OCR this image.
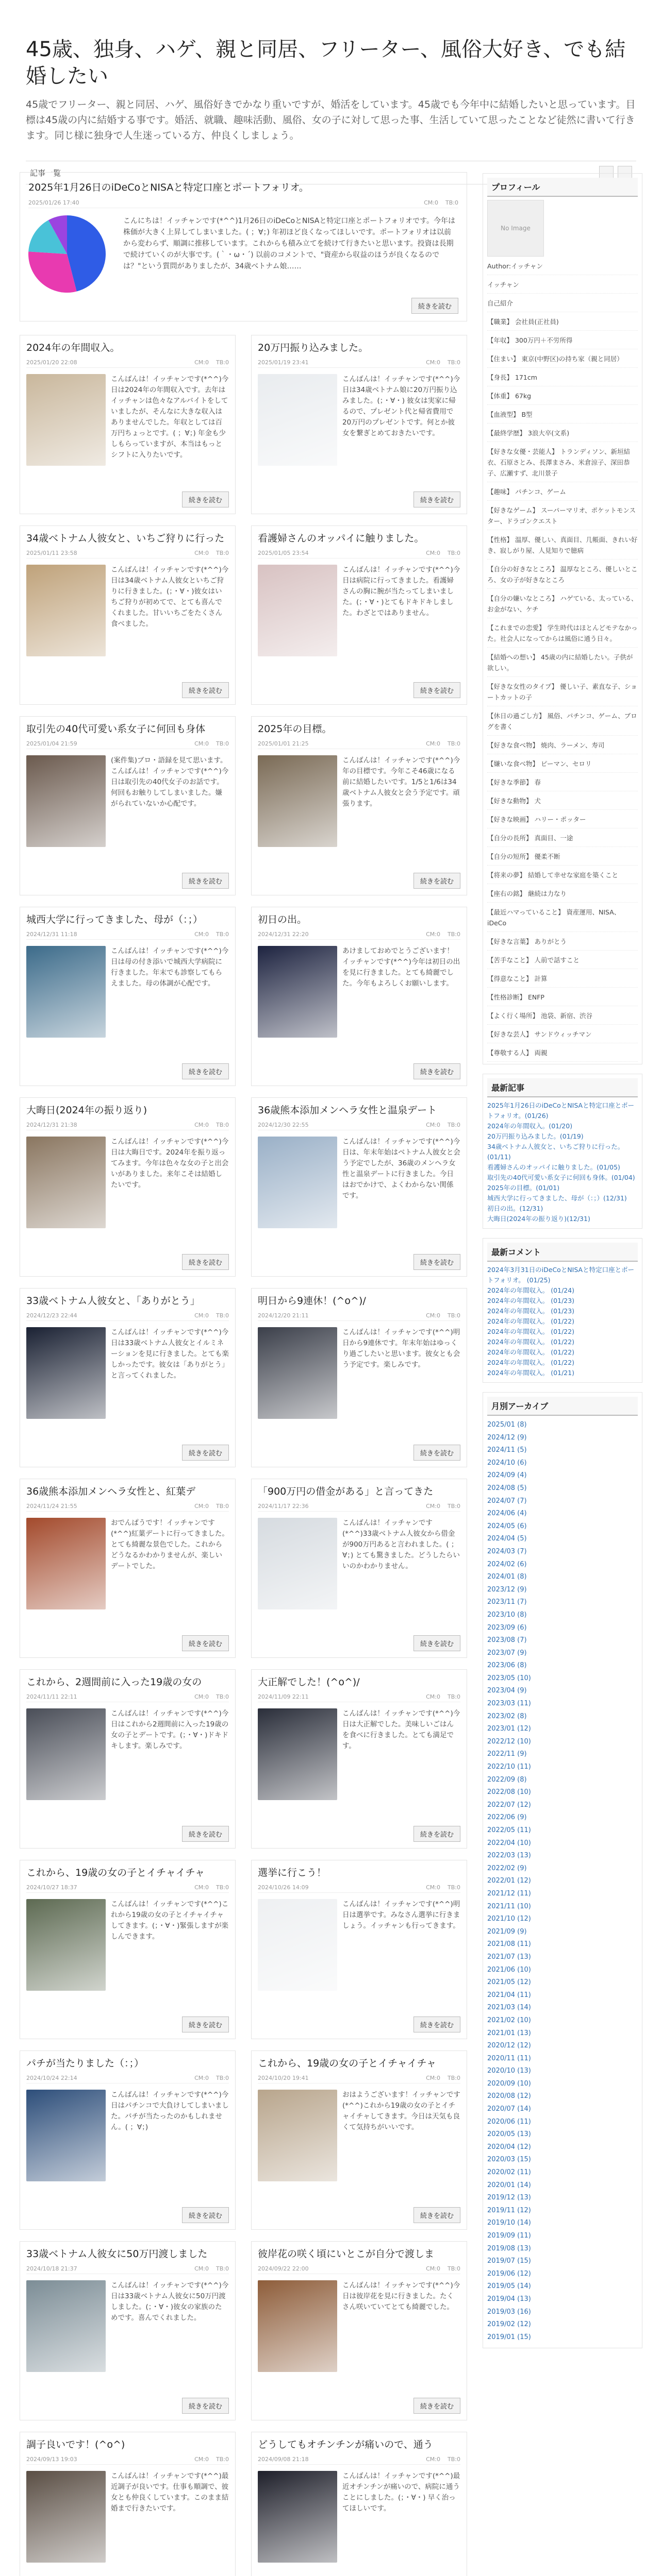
45歳、独身、ハゲ、親と同居、フリーター、風俗大好き、でも結婚したい

45歳でフリーター、親と同居、ハゲ、風俗好きでかなり重いですが、婚活をしています。45歳でも今年中に結婚したいと思っています。目標は45歳の内に結婚する事です。婚活、就職、趣味活動、風俗、女の子に対して思った事、生活していて思ったことなど徒然に書いて行きます。同じ様に独身で人生迷っている方、仲良くしましょう。

記事一覧
2025年1月26日のiDeCoとNISAと特定口座とポートフォリオ。
2025/01/26 17:40	CM:0 TB:0
こんにちは！イッチャンです(*^^)1月26日のiDeCoとNISAと特定口座とポートフォリオです。今年は株価が大きく上昇してしまいました。( ；∀；) 年初ほど良くなってほしいです。ポートフォリオは以前から変わらず、順調に推移しています。これからも積み立てを続けて行きたいと思います。投資は長期で続けていくのが大事です。(｀・ω・´) 以前のコメントで、"資産から収益のほうが良くなるのでは？"という質問がありましたが、34歳ベトナム娘……
続きを読む
2024年の年間収入。
2025/01/20 22:08	CM:0 TB:0
こんばんは！イッチャンです(*^^)今日は2024年の年間収入です。去年はイッチャンは色々なアルバイトをしていましたが、そんなに大きな収入はありませんでした。年収としては百万円ちょっとです。( ；∀；) 年金も少しもらっていますが、本当はもっとシフトに入りたいです。
続きを読む
20万円振り込みました。
2025/01/19 23:41	CM:0 TB:0
こんばんは！イッチャンです(*^^)今日は34歳ベトナム娘に20万円振り込みました。(；・∀・) 彼女は実家に帰るので、プレゼント代と帰省費用で20万円のプレゼントです。何とか彼女を繋ぎとめておきたいです。
続きを読む
34歳ベトナム人彼女と、いちご狩りに行った
2025/01/11 23:58	CM:0 TB:0
こんばんは！イッチャンです(*^^)今日は34歳ベトナム人彼女といちご狩りに行きました。(；・∀・)彼女はいちご狩りが初めてで、とても喜んでくれました。甘いいちごをたくさん食べました。
続きを読む
看護婦さんのオッパイに触りました。
2025/01/05 23:54	CM:0 TB:0
こんばんは！イッチャンです(*^^)今日は病院に行ってきました。看護婦さんの胸に腕が当たってしまいました。(；・∀・)とてもドキドキしました。わざとではありません。
続きを読む
取引先の40代可愛い系女子に何回も身体
2025/01/04 21:59	CM:0 TB:0
(案件集)ブロ・語録を見て思います。こんばんは！イッチャンです(*^^)今日は取引先の40代女子のお話です。何回もお触りしてしまいました。嫌がられていないか心配です。
続きを読む
2025年の目標。
2025/01/01 21:25	CM:0 TB:0
こんばんは！イッチャンです(*^^)今年の目標です。今年こそ46歳になる前に結婚したいです。1/5と1/6は34歳ベトナム人彼女と会う予定です。頑張ります。
続きを読む
城西大学に行ってきました、母が（：；）
2024/12/31 11:18	CM:0 TB:0
こんばんは！イッチャンです(*^^)今日は母の付き添いで城西大学病院に行きました。年末でも診察してもらえました。母の体調が心配です。
続きを読む
初日の出。
2024/12/31 22:20	CM:0 TB:0
あけましておめでとうございます！イッチャンです(*^^)今年は初日の出を見に行きました。とても綺麗でした。今年もよろしくお願いします。
続きを読む
大晦日(2024年の振り返り)
2024/12/31 21:38	CM:0 TB:0
こんばんは！イッチャンです(*^^)今日は大晦日です。2024年を振り返ってみます。今年は色々な女の子と出会いがありました。来年こそは結婚したいです。
続きを読む
36歳熊本添加メンヘラ女性と温泉デート
2024/12/30 22:55	CM:0 TB:0
こんばんは！イッチャンです(*^^)今日は、年末年始はベトナム人彼女と会う予定でしたが、36歳のメンヘラ女性と温泉デートに行きました。今日はおでかけで、よくわからない関係です。
続きを読む
33歳ベトナム人彼女と、「ありがとう」
2024/12/23 22:44	CM:0 TB:0
こんばんは！イッチャンです(*^^)今日は33歳ベトナム人彼女とイルミネーションを見に行きました。とても楽しかったです。彼女は「ありがとう」と言ってくれました。
続きを読む
明日から9連休！(^o^)/
2024/12/20 21:11	CM:0 TB:0
こんばんは！イッチャンです(*^^)明日から9連休です。年末年始はゆっくり過ごしたいと思います。彼女とも会う予定です。楽しみです。
続きを読む
36歳熊本添加メンヘラ女性と、紅葉デ
2024/11/24 21:55	CM:0 TB:0
おでんぱうです！イッチャンです(*^^)紅葉デートに行ってきました。とても綺麗な景色でした。これからどうなるかわかりませんが、楽しいデートでした。
続きを読む
「900万円の借金がある」と言ってきた
2024/11/17 22:36	CM:0 TB:0
こんばんは！イッチャンです(*^^)33歳ベトナム人彼女から借金が900万円あると言われました。( ；∀；) とても驚きました。どうしたらいいのかわかりません。
続きを読む
これから、2週間前に入った19歳の女の
2024/11/11 22:11	CM:0 TB:0
こんばんは！イッチャンです(*^^)今日はこれから2週間前に入った19歳の女の子とデートです。(；・∀・)ドキドキします。楽しみです。
続きを読む
大正解でした！(^o^)/
2024/11/09 22:11	CM:0 TB:0
こんばんは！イッチャンです(*^^)今日は大正解でした。美味しいごはんを食べに行きました。とても満足です。
続きを読む
これから、19歳の女の子とイチャイチャ
2024/10/27 18:37	CM:0 TB:0
こんばんは！イッチャンです(*^^)これから19歳の女の子とイチャイチャしてきます。(；・∀・)緊張しますが楽しんできます。
続きを読む
選挙に行こう！
2024/10/26 14:09	CM:0 TB:0
こんばんは！イッチャンです(*^^)明日は選挙です。みなさん選挙に行きましょう。イッチャンも行ってきます。
続きを読む
パチが当たりました（：；）
2024/10/24 22:14	CM:0 TB:0
こんばんは！イッチャンです(*^^)今日はパチンコで大負けしてしまいました。バチが当たったのかもしれません。( ；∀；)
続きを読む
これから、19歳の女の子とイチャイチャ
2024/10/20 19:41	CM:0 TB:0
おはようございます！イッチャンです(*^^)これから19歳の女の子とイチャイチャしてきます。今日は天気も良くて気持ちがいいです。
続きを読む
33歳ベトナム人彼女に50万円渡しました
2024/10/18 21:37	CM:0 TB:0
こんばんは！イッチャンです(*^^)今日は33歳ベトナム人彼女に50万円渡しました。(；・∀・)彼女の家族のためです。喜んでくれました。
続きを読む
彼岸花の咲く頃にいとこが自分で渡しま
2024/09/22 22:00	CM:0 TB:0
こんばんは！イッチャンです(*^^)今日は彼岸花を見に行きました。たくさん咲いていてとても綺麗でした。
続きを読む
調子良いです！(^o^)
2024/09/13 19:03	CM:0 TB:0
こんばんは！イッチャンです(*^^)最近調子が良いです。仕事も順調で、彼女とも仲良くしています。このまま結婚まで行きたいです。
どうしてもオチンチンが痛いので、通う
2024/09/08 21:18	CM:0 TB:0
こんばんは！イッチャンです(*^^)最近オチンチンが痛いので、病院に通うことにしました。(；・∀・) 早く治ってほしいです。
プロフィール
No Image
Author:イッチャン
イッチャン
自己紹介
【職業】 会社員(正社員)
【年収】 300万円＋不労所得
【住まい】 東京(中野区)の持ち家（親と同居）
【身長】 171cm
【体重】 67kg
【血液型】 B型
【最終学歴】 3浪大卒(文系)
【好きな女優・芸能人】 トランディソン、新垣結衣、石原さとみ、長澤まさみ、米倉涼子、深田恭子、広瀬すず、北川景子
【趣味】 パチンコ、ゲーム
【好きなゲーム】 スーパーマリオ、ポケットモンスター、ドラゴンクエスト
【性格】 温厚、優しい、真面目、几帳面、きれい好き、寂しがり屋、人見知りで臆病
【自分の好きなところ】 温厚なところ、優しいところ、女の子が好きなところ
【自分の嫌いなところ】 ハゲている、太っている、お金がない、ケチ
【これまでの恋愛】 学生時代はほとんどモテなかった。社会人になってからは風俗に通う日々。
【結婚への想い】 45歳の内に結婚したい。子供が欲しい。
【好きな女性のタイプ】 優しい子、素直な子、ショートカットの子
【休日の過ごし方】 風俗、パチンコ、ゲーム、ブログを書く
【好きな食べ物】 焼肉、ラーメン、寿司
【嫌いな食べ物】 ピーマン、セロリ
【好きな季節】 春
【好きな動物】 犬
【好きな映画】 ハリー・ポッター
【自分の長所】 真面目、一途
【自分の短所】 優柔不断
【将来の夢】 結婚して幸せな家庭を築くこと
【座右の銘】 継続は力なり
【最近ハマっていること】 資産運用、NISA、iDeCo
【好きな言葉】 ありがとう
【苦手なこと】 人前で話すこと
【得意なこと】 計算
【性格診断】 ENFP
【よく行く場所】 池袋、新宿、渋谷
【好きな芸人】 サンドウィッチマン
【尊敬する人】 両親
最新記事
2025年1月26日のiDeCoとNISAと特定口座とポートフォリオ。(01/26)
2024年の年間収入。(01/20)
20万円振り込みました。(01/19)
34歳ベトナム人彼女と、いちご狩りに行った。(01/11)
看護婦さんのオッパイに触りました。(01/05)
取引先の40代可愛い系女子に何回も身体。(01/04)
2025年の目標。(01/01)
城西大学に行ってきました、母が（：；）(12/31)
初日の出。(12/31)
大晦日(2024年の振り返り)(12/31)
最新コメント
2024年3月31日のiDeCoとNISAと特定口座とポートフォリオ。 (01/25)
2024年の年間収入。 (01/24)
2024年の年間収入。 (01/23)
2024年の年間収入。 (01/23)
2024年の年間収入。 (01/22)
2024年の年間収入。 (01/22)
2024年の年間収入。 (01/22)
2024年の年間収入。 (01/22)
2024年の年間収入。 (01/22)
2024年の年間収入。 (01/21)
月別アーカイブ
2025/01 (8)
2024/12 (9)
2024/11 (5)
2024/10 (6)
2024/09 (4)
2024/08 (5)
2024/07 (7)
2024/06 (4)
2024/05 (6)
2024/04 (5)
2024/03 (7)
2024/02 (6)
2024/01 (8)
2023/12 (9)
2023/11 (7)
2023/10 (8)
2023/09 (6)
2023/08 (7)
2023/07 (9)
2023/06 (8)
2023/05 (10)
2023/04 (9)
2023/03 (11)
2023/02 (8)
2023/01 (12)
2022/12 (10)
2022/11 (9)
2022/10 (11)
2022/09 (8)
2022/08 (10)
2022/07 (12)
2022/06 (9)
2022/05 (11)
2022/04 (10)
2022/03 (13)
2022/02 (9)
2022/01 (12)
2021/12 (11)
2021/11 (10)
2021/10 (12)
2021/09 (9)
2021/08 (11)
2021/07 (13)
2021/06 (10)
2021/05 (12)
2021/04 (11)
2021/03 (14)
2021/02 (10)
2021/01 (13)
2020/12 (12)
2020/11 (11)
2020/10 (13)
2020/09 (10)
2020/08 (12)
2020/07 (14)
2020/06 (11)
2020/05 (13)
2020/04 (12)
2020/03 (15)
2020/02 (11)
2020/01 (14)
2019/12 (13)
2019/11 (12)
2019/10 (14)
2019/09 (11)
2019/08 (13)
2019/07 (15)
2019/06 (12)
2019/05 (14)
2019/04 (13)
2019/03 (16)
2019/02 (12)
2019/01 (15)
